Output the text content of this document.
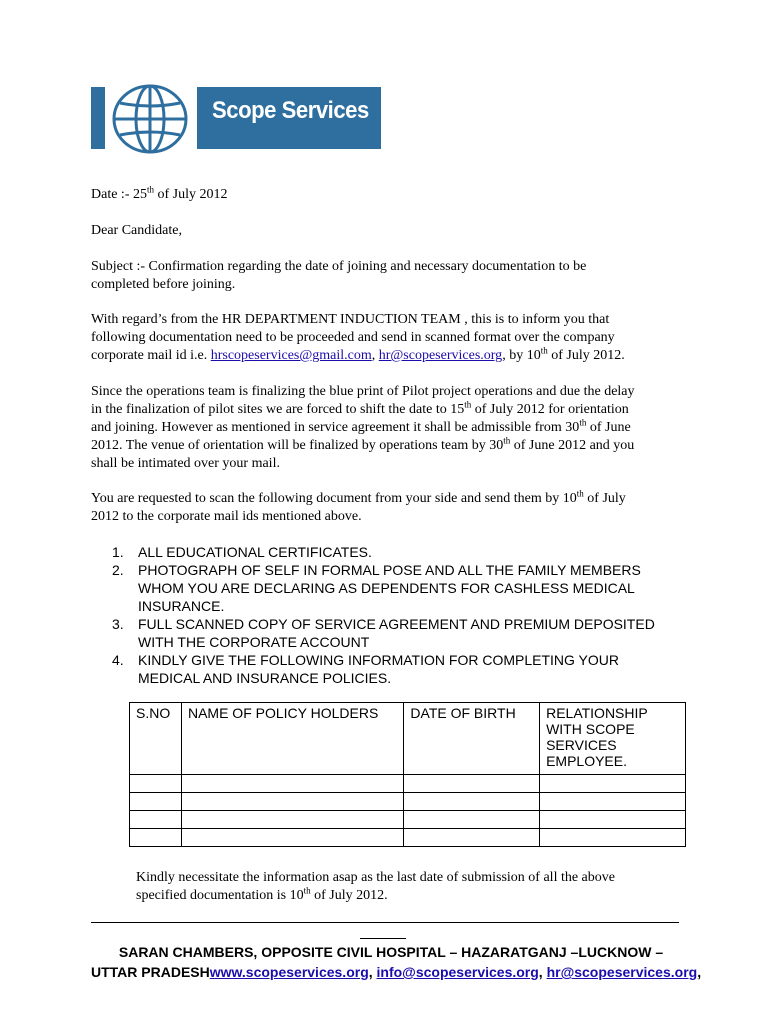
Scope Services
Date :- 25th of July 2012
Dear Candidate,
Subject :- Confirmation regarding the date of joining and necessary documentation to be
completed before joining.
With regard’s from the HR DEPARTMENT INDUCTION TEAM , this is to inform you that
following documentation need to be proceeded and send in scanned format over the company
corporate mail id i.e. hrscopeservices@gmail.com, hr@scopeservices.org, by 10th of July 2012.
Since the operations team is finalizing the blue print of Pilot project operations and due the delay
in the finalization of pilot sites we are forced to shift the date to 15th of July 2012 for orientation
and joining. However as mentioned in service agreement it shall be admissible from 30th of June
2012. The venue of orientation will be finalized by operations team by 30th of June 2012 and you
shall be intimated over your mail.
You are requested to scan the following document from your side and send them by 10th of July
2012 to the corporate mail ids mentioned above.
1. ALL EDUCATIONAL CERTIFICATES.
2. PHOTOGRAPH OF SELF IN FORMAL POSE AND ALL THE FAMILY MEMBERS
WHOM YOU ARE DECLARING AS DEPENDENTS FOR CASHLESS MEDICAL
INSURANCE.
3. FULL SCANNED COPY OF SERVICE AGREEMENT AND PREMIUM DEPOSITED
WITH THE CORPORATE ACCOUNT
4. KINDLY GIVE THE FOLLOWING INFORMATION FOR COMPLETING YOUR
MEDICAL AND INSURANCE POLICIES.
S.NO	NAME OF POLICY HOLDERS	DATE OF BIRTH	RELATIONSHIP
WITH SCOPE
SERVICES
EMPLOYEE.

Kindly necessitate the information asap as the last date of submission of all the above
specified documentation is 10th of July 2012.
SARAN CHAMBERS, OPPOSITE CIVIL HOSPITAL – HAZARATGANJ –LUCKNOW –
UTTAR PRADESHwww.scopeservices.org, info@scopeservices.org, hr@scopeservices.org,
